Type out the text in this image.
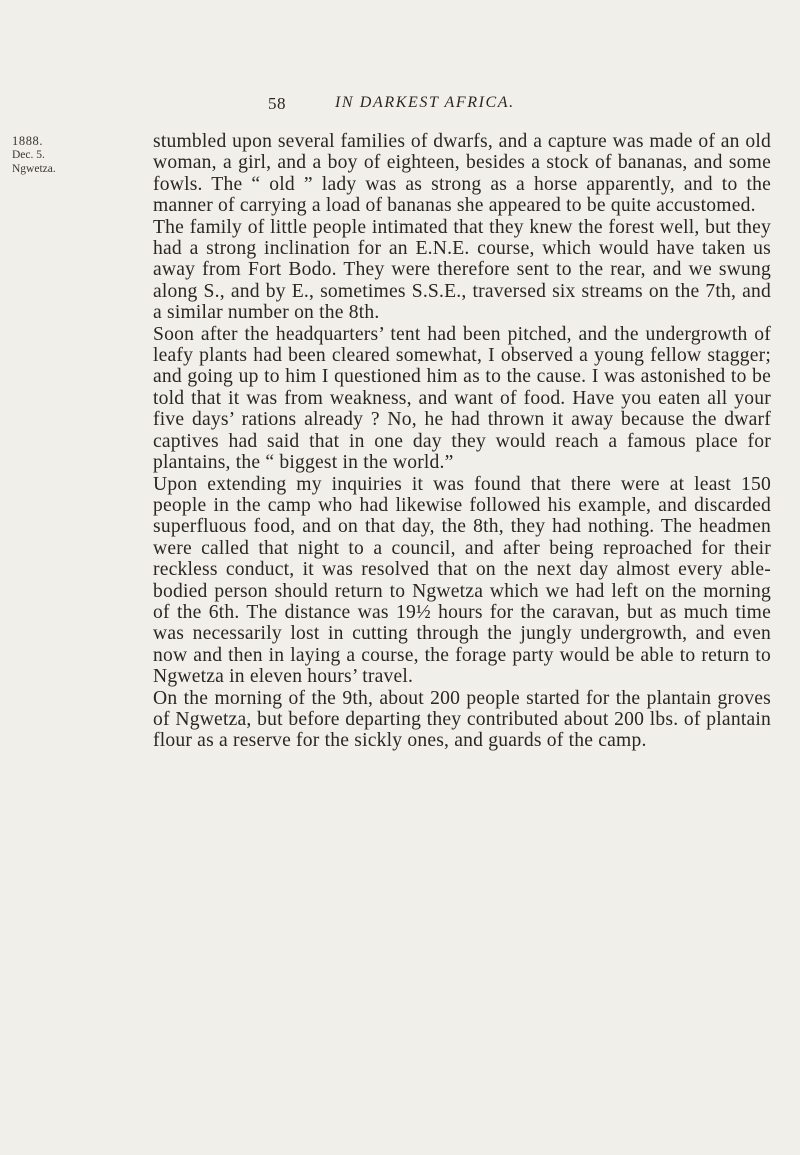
58	IN DARKEST AFRICA.
1888.
Dec. 5.
Ngwetza.

stumbled upon several families of dwarfs, and a capture was made of an old woman, a girl, and a boy of eighteen, besides a stock of bananas, and some fowls. The “ old ” lady was as strong as a horse apparently, and to the manner of carrying a load of bananas she appeared to be quite accustomed.

The family of little people intimated that they knew the forest well, but they had a strong inclination for an E.N.E. course, which would have taken us away from Fort Bodo. They were therefore sent to the rear, and we swung along S., and by E., sometimes S.S.E., traversed six streams on the 7th, and a similar number on the 8th.

Soon after the headquarters’ tent had been pitched, and the undergrowth of leafy plants had been cleared somewhat, I observed a young fellow stagger; and going up to him I questioned him as to the cause. I was astonished to be told that it was from weakness, and want of food. Have you eaten all your five days’ rations already ? No, he had thrown it away because the dwarf captives had said that in one day they would reach a famous place for plantains, the “ biggest in the world.”

Upon extending my inquiries it was found that there were at least 150 people in the camp who had likewise followed his example, and discarded superfluous food, and on that day, the 8th, they had nothing. The headmen were called that night to a council, and after being reproached for their reckless conduct, it was resolved that on the next day almost every able-bodied person should return to Ngwetza which we had left on the morning of the 6th. The distance was 19½ hours for the caravan, but as much time was necessarily lost in cutting through the jungly undergrowth, and even now and then in laying a course, the forage party would be able to return to Ngwetza in eleven hours’ travel.

On the morning of the 9th, about 200 people started for the plantain groves of Ngwetza, but before departing they contributed about 200 lbs. of plantain flour as a reserve for the sickly ones, and guards of the camp.
